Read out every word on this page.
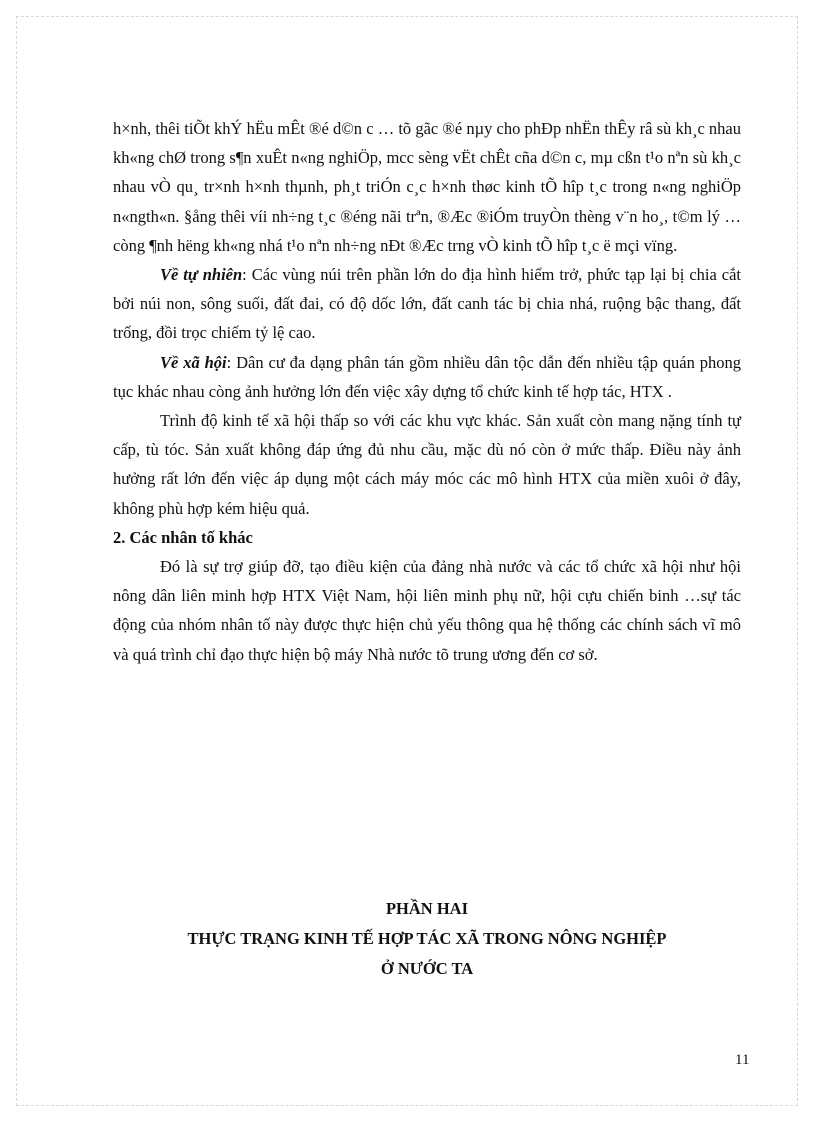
h×nh, thêi tiÕt khÝ hËu mÊt ®é d©n c … tõ gãc ®é nµy cho phÐp nhËn thÊy râ sù kh¸c nhau kh«ng chØ trong s¶n xuÊt n«ng nghiÖp, mcc sèng vËt chÊt cña d©n c, mµ cßn t¹o nªn sù kh¸c nhau vÒ qu¸ tr×nh h×nh thµnh, ph¸t triÓn c¸c h×nh thøc kinh tÕ hîp t¸c trong n«ng nghiÖp n«ngth«n. §ång thêi víi nh÷ng t¸c ®éng nãi trªn, ®Æc ®iÓm truyÒn thèng v¨n ho¸, t©m lý … còng ¶nh hëng kh«ng nhá t¹o nªn nh÷ng nÐt ®Æc trng vÒ kinh tÕ hîp t¸c ë mçi vïng.

Về tự nhiên: Các vùng núi trên phần lớn do địa hình hiểm trở, phức tạp lại bị chia cắt bởi núi non, sông suối, đất đai, có độ dốc lớn, đất canh tác bị chia nhá, ruộng bậc thang, đất trống, đồi trọc chiếm tỷ lệ cao.

Về xã hội: Dân cư đa dạng phân tán gồm nhiều dân tộc dẫn đến nhiều tập quán phong tục khác nhau còng ảnh hưởng lớn đến việc xây dựng tổ chức kinh tế hợp tác, HTX .

Trình độ kinh tế xã hội thấp so với các khu vực khác. Sản xuất còn mang nặng tính tự cấp, tù tóc. Sản xuất không đáp ứng đủ nhu cầu, mặc dù nó còn ở mức thấp. Điều này ảnh hưởng rất lớn đến việc áp dụng một cách máy móc các mô hình HTX của miền xuôi ở đây, không phù hợp kém hiệu quả.

2. Các nhân tố khác

Đó là sự trợ giúp đỡ, tạo điều kiện của đảng nhà nước và các tổ chức xã hội như hội nông dân liên minh hợp HTX Việt Nam, hội liên minh phụ nữ, hội cựu chiến binh …sự tác động của nhóm nhân tố này được thực hiện chủ yếu thông qua hệ thống các chính sách vĩ mô và quá trình chỉ đạo thực hiện bộ máy Nhà nước tõ trung ương đến cơ sở.

PHẦN HAI
THỰC TRẠNG KINH TẾ HỢP TÁC XÃ TRONG NÔNG NGHIỆP
Ở NƯỚC TA
11
